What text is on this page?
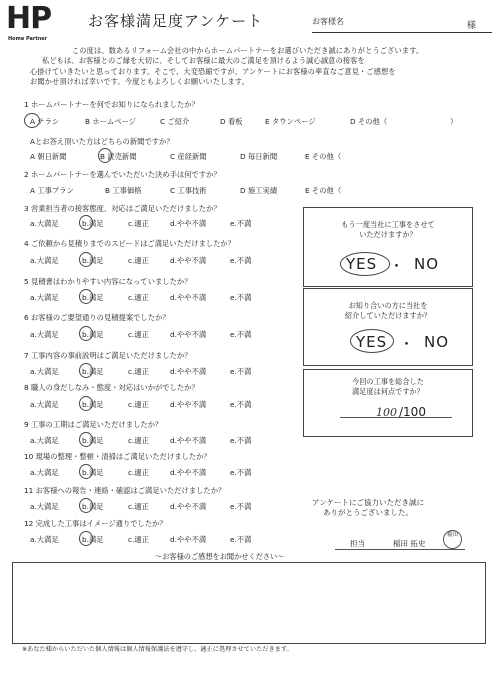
HP
Home Partner
お客様満足度アンケート	お客様名	様

この度は、数あるリフォーム会社の中からホームパートナーをお選びいただき誠にありがとうございます。

私どもは、お客様とのご縁を大切に、そしてお客様に最大のご満足を頂けるよう誠心誠意の接客を

心掛けていきたいと思っております。そこで、大変恐縮ですが、アンケートにお客様の率直なご意見・ご感想を

お聞かせ頂ければ幸いです。今度ともよろしくお願いいたします。

1 ホームパートナーを何でお知りになられましたか？
A テラシ	B ホームページ	C ご紹介	D 看板	E タウンページ	D その他（	）
Aとお答え頂いた方はどちらの新聞ですか？
A 朝日新聞	B 読売新聞	C 産経新聞	D 毎日新聞	E その他（
2 ホームパートナーを選んでいただいた決め手は何ですか？
A 工事プラン	B 工事価格	C 工事技術	D 施工実績	E その他（
3 営業担当者の接客態度、対応はご満足いただけましたか？
a.大満足	b.満足	c.適正	d.やや不満	e.不満
4 ご依頼から見積りまでのスピードはご満足いただけましたか？
a.大満足	b.満足	c.適正	d.やや不満	e.不満
5 見積書はわかりやすい内容になっていましたか？
a.大満足	b.満足	c.適正	d.やや不満	e.不満
6 お客様のご要望通りの見積提案でしたか？
a.大満足	b.満足	c.適正	d.やや不満	e.不満
7 工事内容の事前説明はご満足いただけましたか？
a.大満足	b.満足	c.適正	d.やや不満	e.不満
8 職人の身だしなみ・態度・対応はいかがでしたか？
a.大満足	b.満足	c.適正	d.やや不満	e.不満
9 工事の工期はご満足いただけましたか？
a.大満足	b.満足	c.適正	d.やや不満	e.不満
10 現場の整理・整頓・清掃はご満足いただけましたか？
a.大満足	b.満足	c.適正	d.やや不満	e.不満
11 お客様への報告・連絡・確認はご満足いただけましたか？
a.大満足	b.満足	c.適正	d.やや不満	e.不満
12 完成した工事はイメージ通りでしたか？
a.大満足	b.満足	c.適正	d.やや不満	e.不満
もう一度当社に工事をさせて
いただけますか？
YES ・ NO
お知り合いの方に当社を
紹介していただけますか？
YES ・ NO
今回の工事を総合した
満足度は何点ですか？
100 /100
アンケートにご協力いただき誠に
ありがとうございました。
担当	稲田 拓史
稲田
〜お客様のご感想をお聞かせください〜
※あなた様からいただいた個人情報は個人情報保護法を遵守し、適正に処理させていただきます。
